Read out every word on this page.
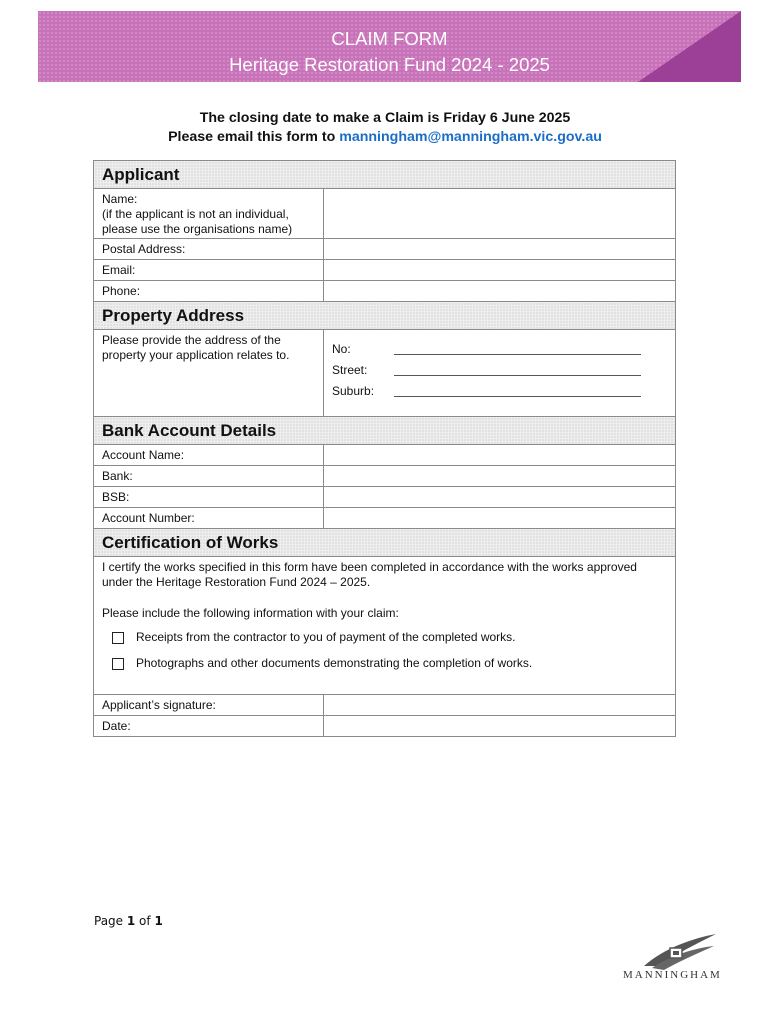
CLAIM FORM
Heritage Restoration Fund 2024 - 2025
The closing date to make a Claim is Friday 6 June 2025
Please email this form to manningham@manningham.vic.gov.au
Applicant	

Name:
(if the applicant is not an individual, please use the organisations name)	

Postal Address:	
Email:	
Phone:	
Property Address	
Please provide the address of the property your application relates to.	No:
Street:
Suburb:

Bank Account Details	
Account Name:	
Bank:	
BSB:	
Account Number:	
Certification of Works	

I certify the works specified in this form have been completed in accordance with the works approved under the Heritage Restoration Fund 2024 – 2025.

Please include the following information with your claim:

Receipts from the contractor to you of payment of the completed works.
Photographs and other documents demonstrating the completion of works.	

Applicant’s signature:	
Date:	
Page 1 of 1
MANNINGHAM
